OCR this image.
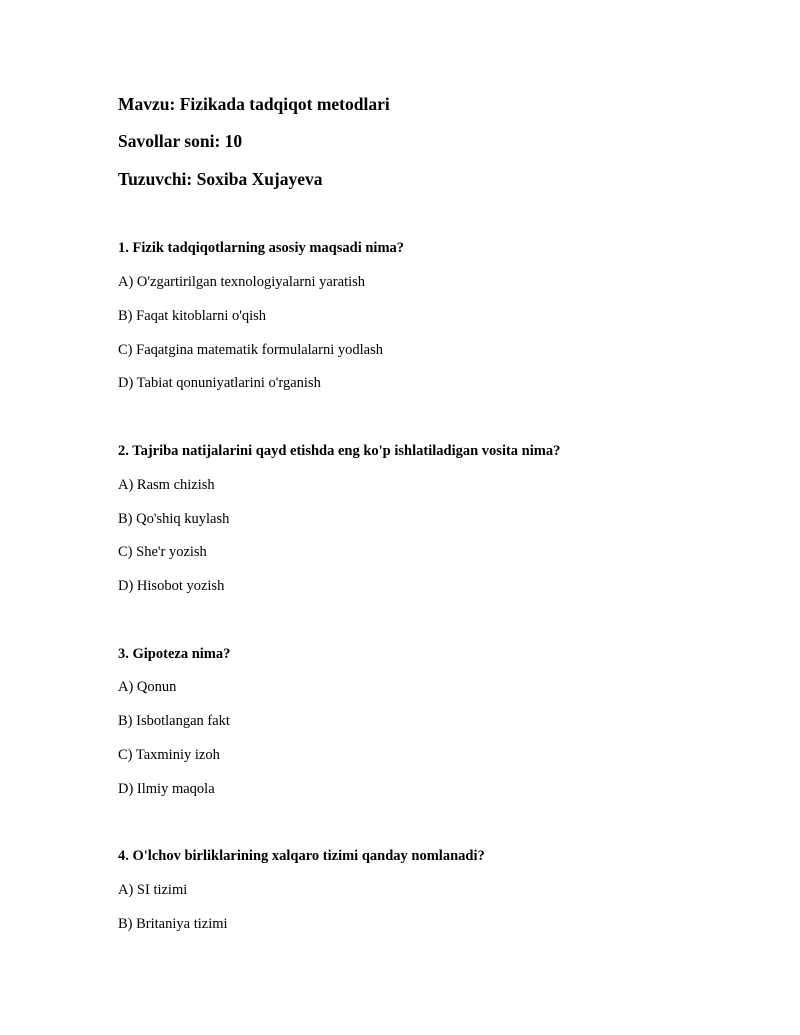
Mavzu: Fizikada tadqiqot metodlari
Savollar soni: 10
Tuzuvchi: Soxiba Xujayeva
1. Fizik tadqiqotlarning asosiy maqsadi nima?
A) O'zgartirilgan texnologiyalarni yaratish
B) Faqat kitoblarni o'qish
C) Faqatgina matematik formulalarni yodlash
D) Tabiat qonuniyatlarini o'rganish
2. Tajriba natijalarini qayd etishda eng ko'p ishlatiladigan vosita nima?
A) Rasm chizish
B) Qo'shiq kuylash
C) She'r yozish
D) Hisobot yozish
3. Gipoteza nima?
A) Qonun
B) Isbotlangan fakt
C) Taxminiy izoh
D) Ilmiy maqola
4. O'lchov birliklarining xalqaro tizimi qanday nomlanadi?
A) SI tizimi
B) Britaniya tizimi
